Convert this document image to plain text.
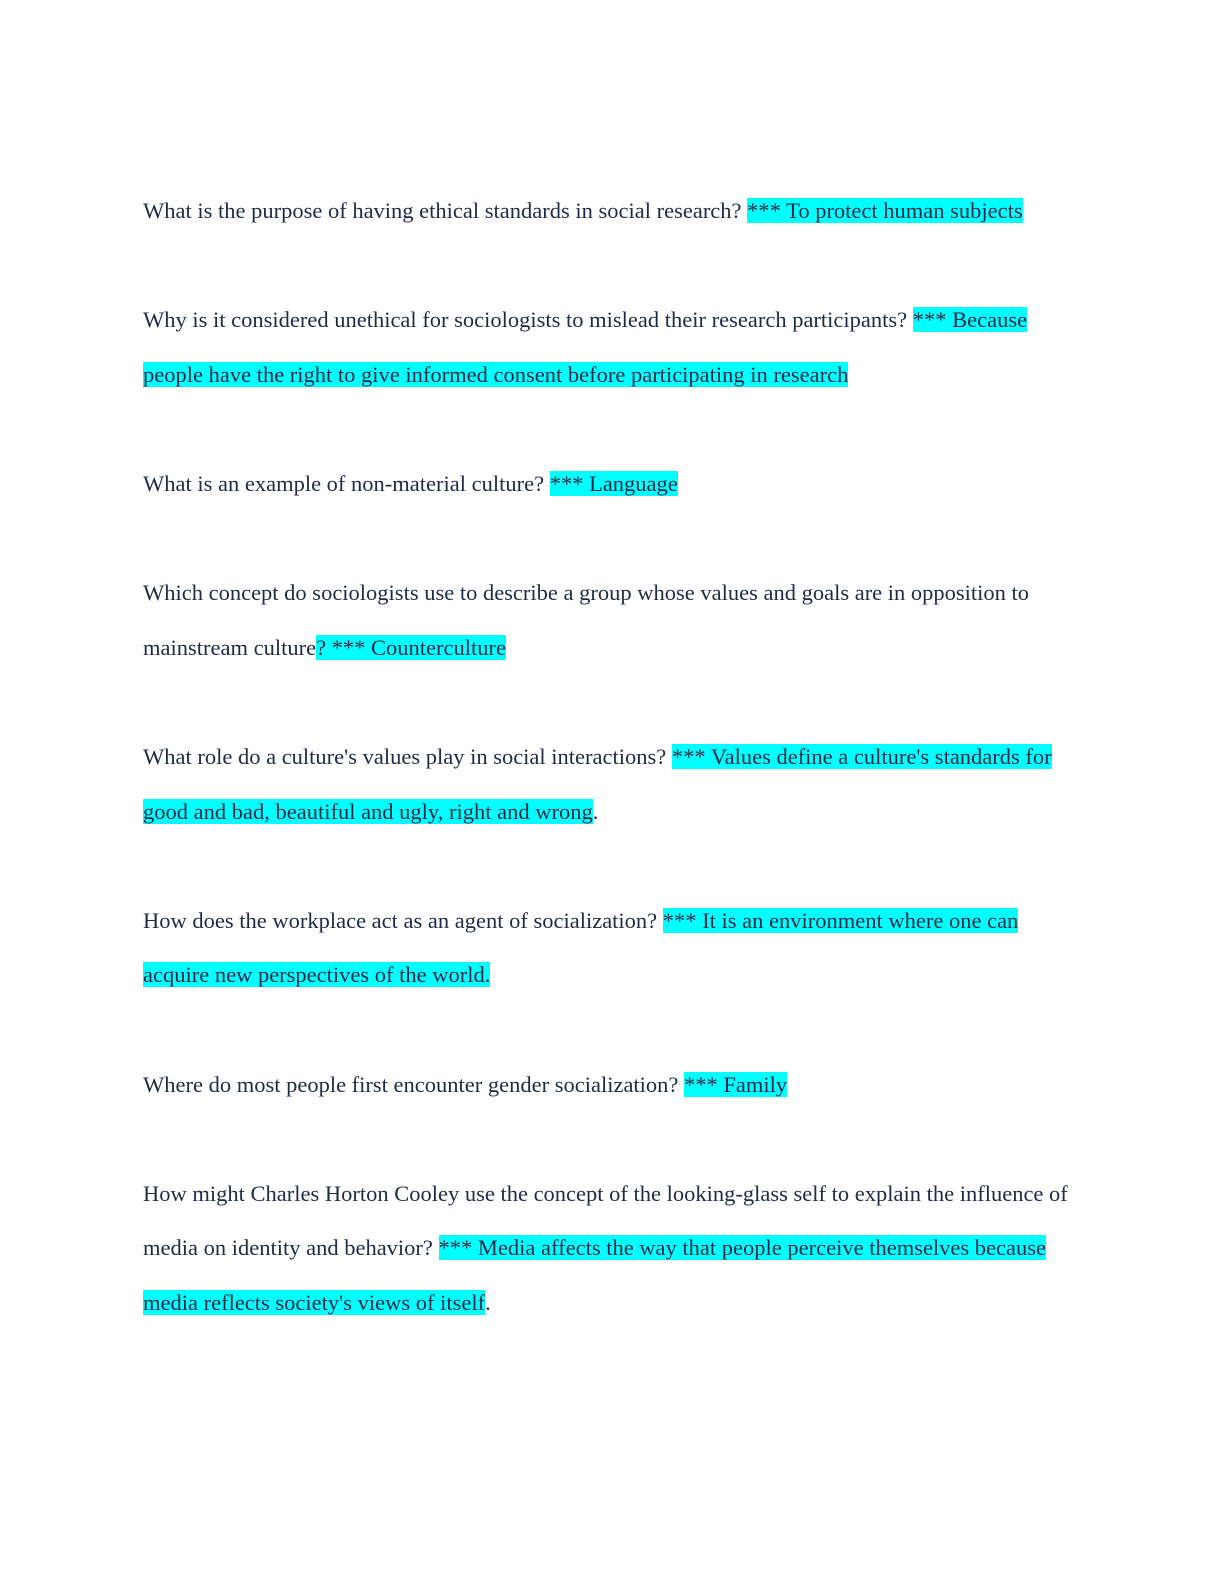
What is the purpose of having ethical standards in social research? *** To protect human subjects

Why is it considered unethical for sociologists to mislead their research participants? *** Because people have the right to give informed consent before participating in research

What is an example of non-material culture? *** Language

Which concept do sociologists use to describe a group whose values and goals are in opposition to mainstream culture? *** Counterculture

What role do a culture's values play in social interactions? *** Values define a culture's standards for good and bad, beautiful and ugly, right and wrong.

How does the workplace act as an agent of socialization? *** It is an environment where one can acquire new perspectives of the world.

Where do most people first encounter gender socialization? *** Family

How might Charles Horton Cooley use the concept of the looking-glass self to explain the influence of media on identity and behavior? *** Media affects the way that people perceive themselves because media reflects society's views of itself.
